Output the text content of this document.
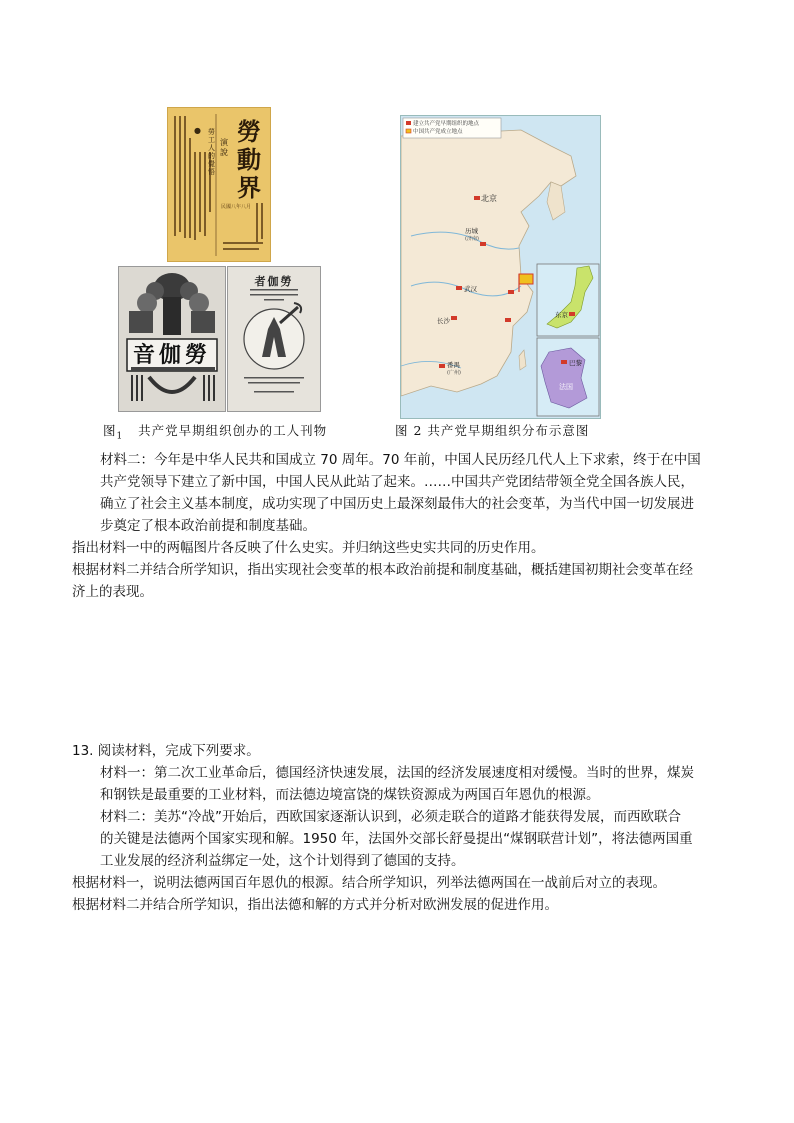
●
民國八年八月
勞
動
界
演說
勞工人的覺悟
音伽勞
者伽勞
图$_1$ 共产党早期组织创办的工人刊物
建立共产党早期组织的地点
中国共产党成立地点
北京
历城
(济南)
武汉
长沙
番禺
(广州)
东京
巴黎
法国
图 2 共产党早期组织分布示意图
材料二：今年是中华人民共和国成立 70 周年。70 年前，中国人民历经几代人上下求索，终于在中国
共产党领导下建立了新中国，中国人民从此站了起来。……中国共产党团结带领全党全国各族人民，
确立了社会主义基本制度，成功实现了中国历史上最深刻最伟大的社会变革，为当代中国一切发展进
步奠定了根本政治前提和制度基础。
指出材料一中的两幅图片各反映了什么史实。并归纳这些史实共同的历史作用。
根据材料二并结合所学知识，指出实现社会变革的根本政治前提和制度基础，概括建国初期社会变革在经
济上的表现。
13. 阅读材料，完成下列要求。
材料一：第二次工业革命后，德国经济快速发展，法国的经济发展速度相对缓慢。当时的世界，煤炭
和钢铁是最重要的工业材料，而法德边境富饶的煤铁资源成为两国百年恩仇的根源。
材料二：美苏“冷战”开始后，西欧国家逐渐认识到，必须走联合的道路才能获得发展，而西欧联合
的关键是法德两个国家实现和解。1950 年，法国外交部长舒曼提出“煤钢联营计划”，将法德两国重
工业发展的经济利益绑定一处，这个计划得到了德国的支持。
根据材料一，说明法德两国百年恩仇的根源。结合所学知识，列举法德两国在一战前后对立的表现。
根据材料二并结合所学知识，指出法德和解的方式并分析对欧洲发展的促进作用。
